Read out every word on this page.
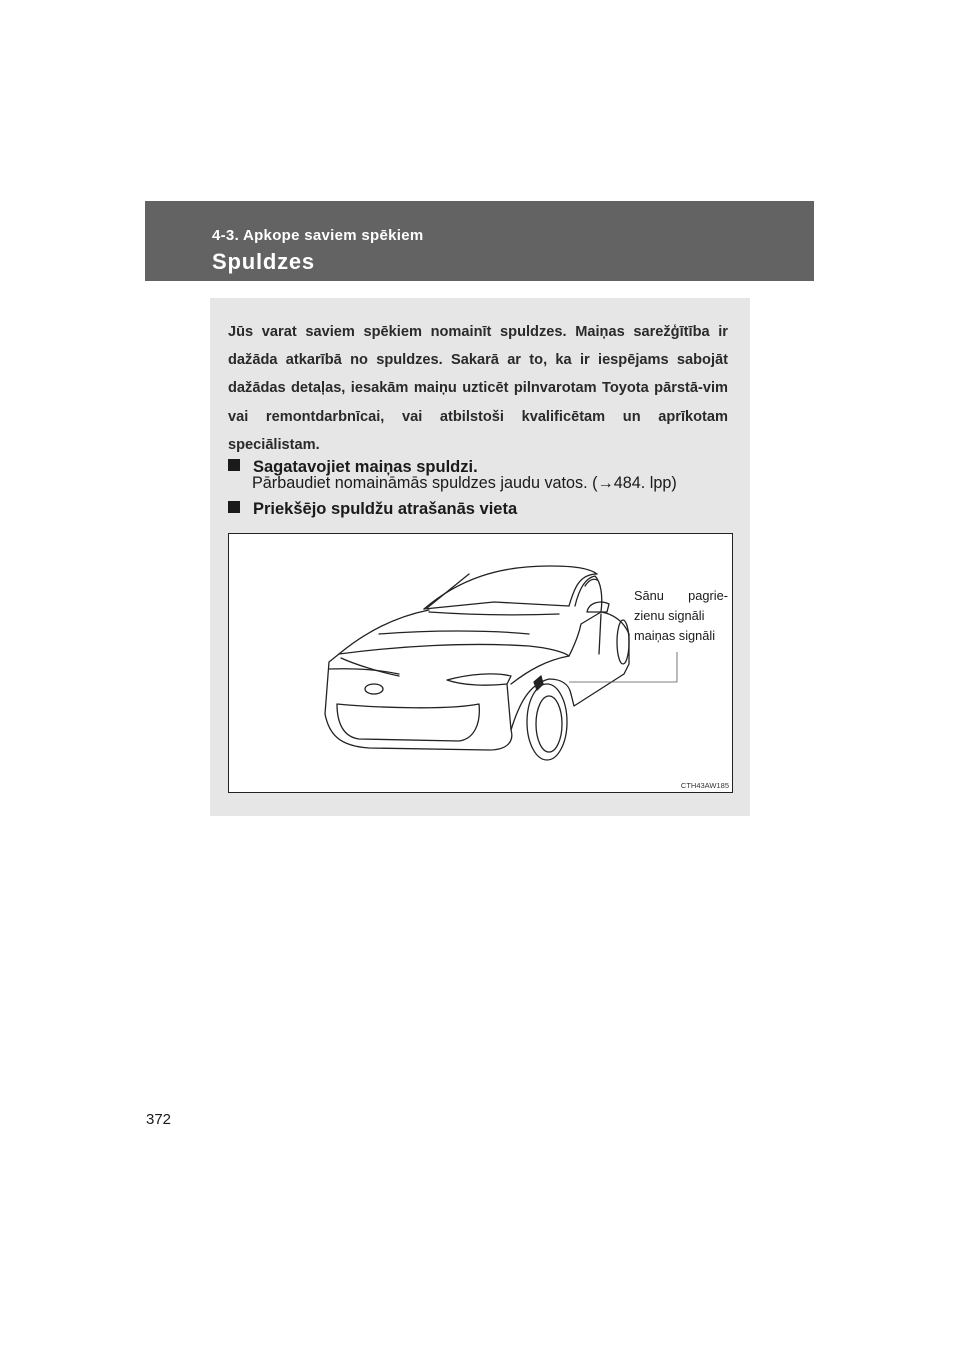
4-3. Apkope saviem spēkiem
Spuldzes
Jūs varat saviem spēkiem nomainīt spuldzes. Maiņas sarežģītība ir dažāda atkarībā no spuldzes. Sakarā ar to, ka ir iespējams sabojāt dažādas detaļas, iesakām maiņu uzticēt pilnvarotam Toyota pārstā-vim vai remontdarbnīcai, vai atbilstoši kvalificētam un aprīkotam speciālistam.
Sagatavojiet maiņas spuldzi.
Pārbaudiet nomaināmās spuldzes jaudu vatos. (→484. lpp)
Priekšējo spuldžu atrašanās vieta
Sānu pagrie-
zienu signāli
maiņas signāli
CTH43AW185
372
